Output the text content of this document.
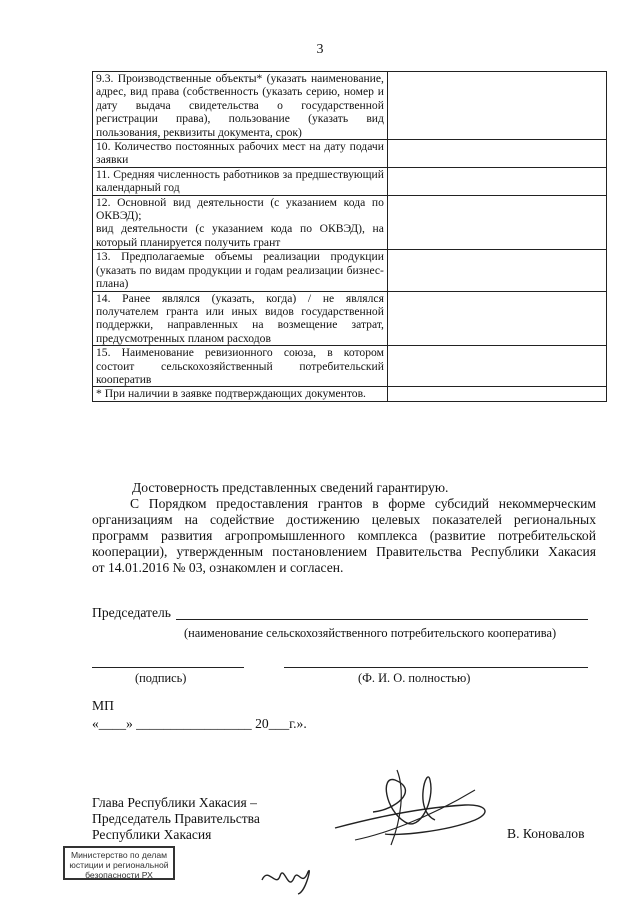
3
9.3. Производственные объекты* (указать наименование, адрес, вид права (собственность (указать серию, номер и дату выдача свидетельства о государственной регистрации права), пользование (указать вид пользования, реквизиты документа, срок)	
10. Количество постоянных рабочих мест на дату подачи заявки	
11. Средняя численность работников за предшествующий календарный год	
12. Основной вид деятельности (с указанием кода по ОКВЭД);
вид деятельности (с указанием кода по ОКВЭД), на который планируется получить грант	
13. Предполагаемые объемы реализации продукции (указать по видам продукции и годам реализации бизнес-плана)	
14. Ранее являлся (указать, когда) / не являлся получателем гранта или иных видов государственной поддержки, направленных на возмещение затрат, предусмотренных планом расходов	
15. Наименование ревизионного союза, в котором состоит сельскохозяйственный потребительский кооператив	
* При наличии в заявке подтверждающих документов.	
Достоверность представленных сведений гарантирую.
С Порядком предоставления грантов в форме субсидий некоммерческим
организациям на содействие достижению целевых показателей региональных
программ развития агропромышленного комплекса (развитие потребительской
кооперации), утвержденным постановлением Правительства Республики Хакасия
от 14.01.2016 № 03, ознакомлен и согласен.
Председатель
(наименование сельскохозяйственного потребительского кооператива)
(подпись)	(Ф. И. О. полностью)
МП
«____» _________________ 20___г.».
Глава Республики Хакасия –
Председатель Правительства
Республики Хакасия	В. Коновалов
Министерство по делам
юстиции и региональной
безопасности РХ
